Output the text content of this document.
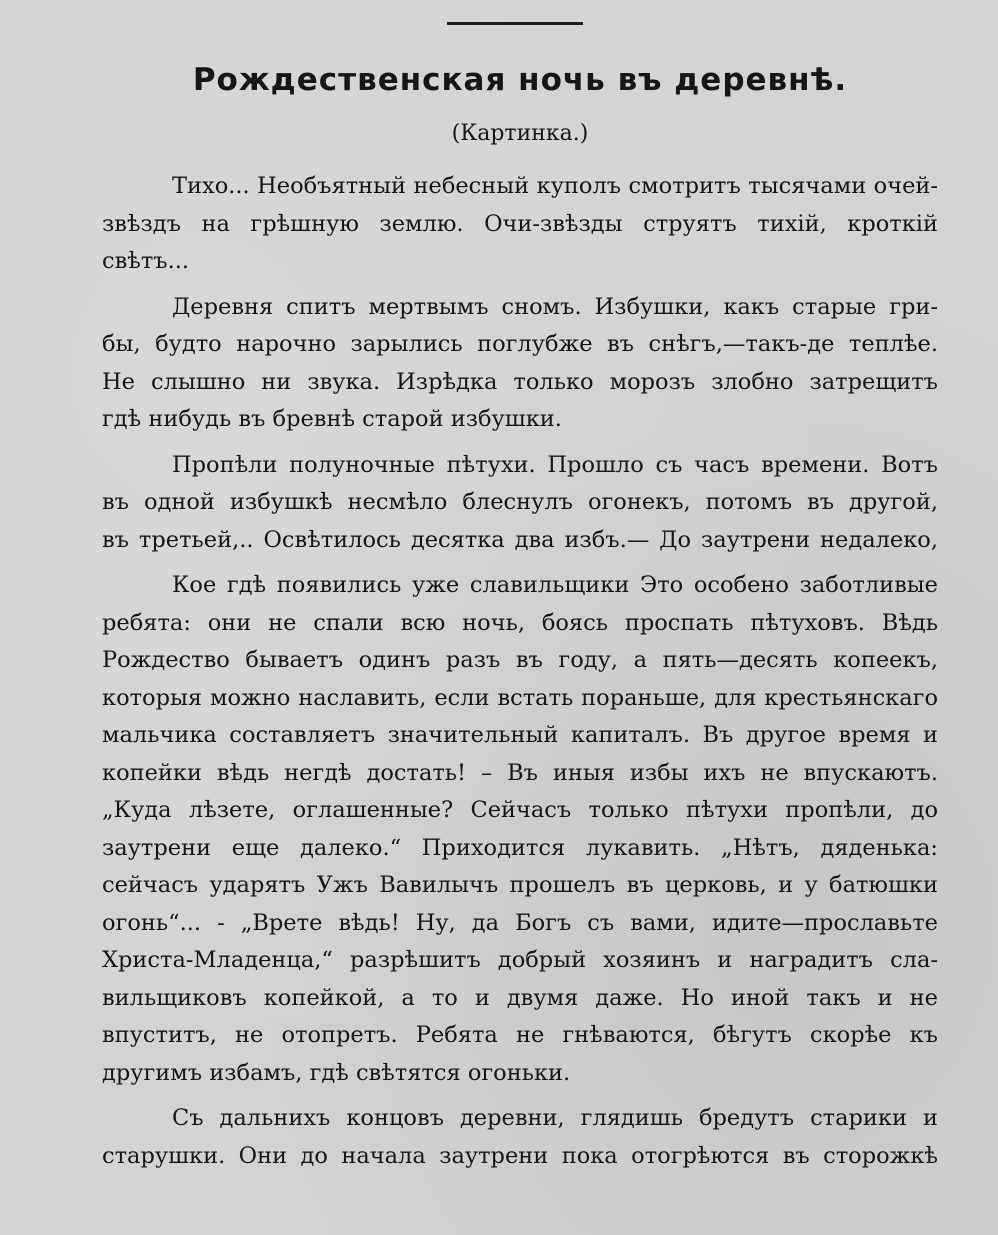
Рождественская ночь въ деревнѣ.

(Картинка.)

Тихо... Необъятный небесный куполъ смотритъ тысячами очей-
звѣздъ на грѣшную землю. Очи-звѣзды струятъ тихій, кроткій
свѣтъ...

Деревня спитъ мертвымъ сномъ. Избушки, какъ старые гри-
бы, будто нарочно зарылись поглубже въ снѣгъ,—такъ-де теплѣе.
Не слышно ни звука. Изрѣдка только морозъ злобно затрещитъ
гдѣ нибудь въ бревнѣ старой избушки.

Пропѣли полуночные пѣтухи. Прошло съ часъ времени. Вотъ
въ одной избушкѣ несмѣло блеснулъ огонекъ, потомъ въ другой,
въ третьей,.. Освѣтилось десятка два избъ.— До заутрени недалеко,

Кое гдѣ появились уже славильщики Это особено заботливые
ребята: они не спали всю ночь, боясь проспать пѣтуховъ. Вѣдь
Рождество бываетъ одинъ разъ въ году, а пять—десять копеекъ,
которыя можно наславить, если встать пораньше, для крестьянскаго
мальчика составляетъ значительный капиталъ. Въ другое время и
копейки вѣдь негдѣ достать! – Въ иныя избы ихъ не впускаютъ.
„Куда лѣзете, оглашенные? Сейчасъ только пѣтухи пропѣли, до
заутрени еще далеко.“ Приходится лукавить. „Нѣтъ, дяденька:
сейчасъ ударятъ Ужъ Вавилычъ прошелъ въ церковь, и у батюшки
огонь“... - „Врете вѣдь! Ну, да Богъ съ вами, идите—прославьте
Христа-Младенца,“ разрѣшитъ добрый хозяинъ и наградитъ сла-
вильщиковъ копейкой, а то и двумя даже. Но иной такъ и не
впуститъ, не отопретъ. Ребята не гнѣваются, бѣгутъ скорѣе къ
другимъ избамъ, гдѣ свѣтятся огоньки.

Съ дальнихъ концовъ деревни, глядишь бредутъ старики и
старушки. Они до начала заутрени пока отогрѣются въ сторожкѣ
